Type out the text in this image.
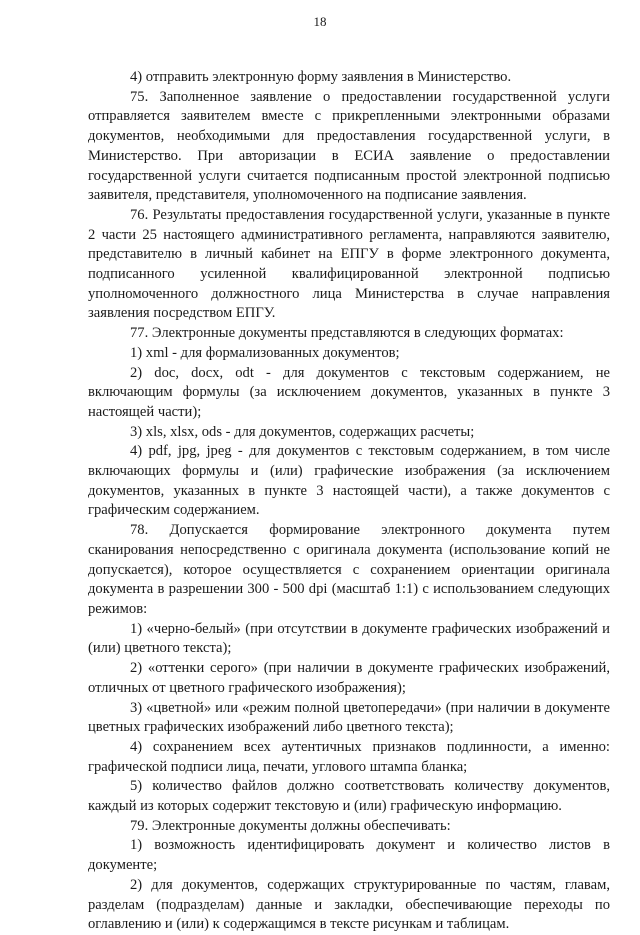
18

4) отправить электронную форму заявления в Министерство.

75. Заполненное заявление о предоставлении государственной услуги отправляется заявителем вместе с прикрепленными электронными образами документов, необходимыми для предоставления государственной услуги, в Министерство. При авторизации в ЕСИА заявление о предоставлении государственной услуги считается подписанным простой электронной подписью заявителя, представителя, уполномоченного на подписание заявления.

76. Результаты предоставления государственной услуги, указанные в пункте 2 части 25 настоящего административного регламента, направляются заявителю, представителю в личный кабинет на ЕПГУ в форме электронного документа, подписанного усиленной квалифицированной электронной подписью уполномоченного должностного лица Министерства в случае направления заявления посредством ЕПГУ.

77. Электронные документы представляются в следующих форматах:

1) xml - для формализованных документов;

2) doc, docx, odt - для документов с текстовым содержанием, не включающим формулы (за исключением документов, указанных в пункте 3 настоящей части);

3) xls, xlsx, ods - для документов, содержащих расчеты;

4) pdf, jpg, jpeg - для документов с текстовым содержанием, в том числе включающих формулы и (или) графические изображения (за исключением документов, указанных в пункте 3 настоящей части), а также документов с графическим содержанием.

78. Допускается формирование электронного документа путем сканирования непосредственно с оригинала документа (использование копий не допускается), которое осуществляется с сохранением ориентации оригинала документа в разрешении 300 - 500 dpi (масштаб 1:1) с использованием следующих режимов:

1) «черно-белый» (при отсутствии в документе графических изображений и (или) цветного текста);

2) «оттенки серого» (при наличии в документе графических изображений, отличных от цветного графического изображения);

3) «цветной» или «режим полной цветопередачи» (при наличии в документе цветных графических изображений либо цветного текста);

4) сохранением всех аутентичных признаков подлинности, а именно: графической подписи лица, печати, углового штампа бланка;

5) количество файлов должно соответствовать количеству документов, каждый из которых содержит текстовую и (или) графическую информацию.

79. Электронные документы должны обеспечивать:

1) возможность идентифицировать документ и количество листов в документе;

2) для документов, содержащих структурированные по частям, главам, разделам (подразделам) данные и закладки, обеспечивающие переходы по оглавлению и (или) к содержащимся в тексте рисункам и таблицам.
